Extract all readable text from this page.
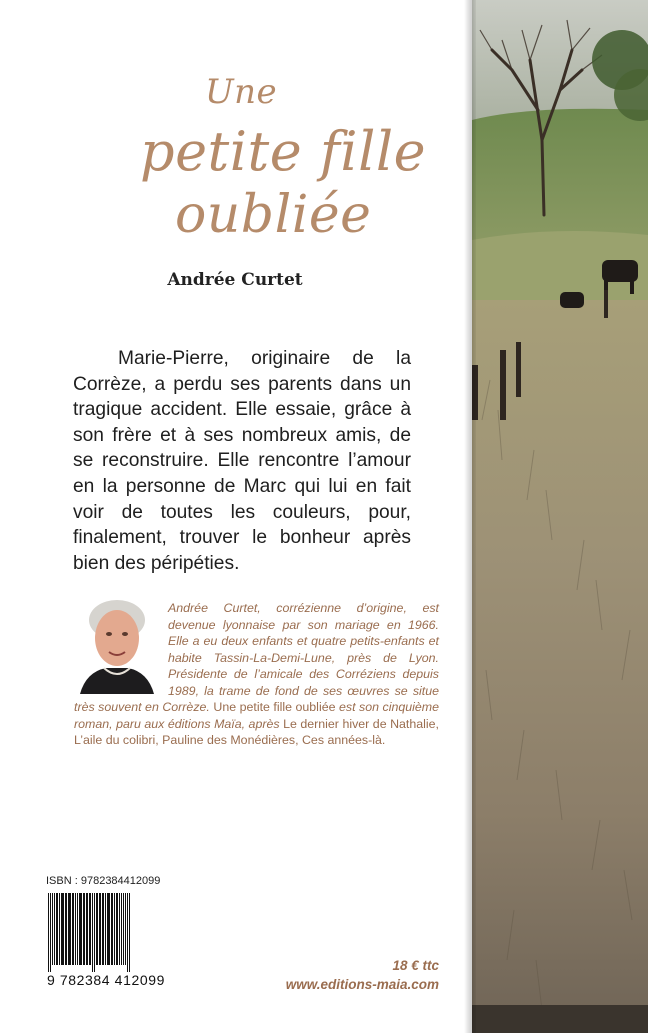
Une
petite fille
oubliée
Andrée Curtet

Marie-Pierre, originaire de la Corrèze, a perdu ses parents dans un tragique accident. Elle essaie, grâce à son frère et à ses nombreux amis, de se reconstruire. Elle rencontre l’amour en la personne de Marc qui lui en fait voir de toutes les couleurs, pour, finalement, trouver le bonheur après bien des péripéties.

Andrée Curtet, corrézienne d’origine, est devenue lyonnaise par son mariage en 1966. Elle a eu deux enfants et quatre petits-enfants et habite Tassin-La-Demi-Lune, près de Lyon. Présidente de l’amicale des Corréziens depuis 1989, la trame de fond de ses œuvres se situe très souvent en Corrèze. Une petite fille oubliée est son cinquième roman, paru aux éditions Maïa, après Le dernier hiver de Nathalie, L’aile du colibri, Pauline des Monédières, Ces années-là.

ISBN : 9782384412099
9 782384 412099
18 € ttc
www.editions-maia.com
